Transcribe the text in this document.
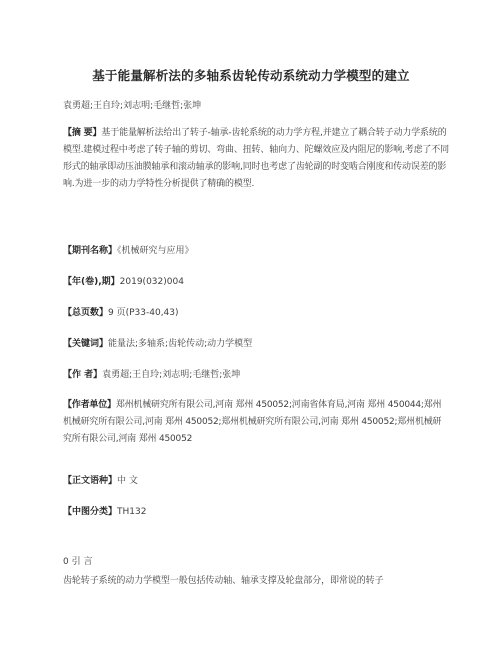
基于能量解析法的多轴系齿轮传动系统动力学模型的建立
袁勇超;王自玲;刘志明;毛继哲;张坤
【摘 要】基于能量解析法给出了转子-轴承-齿轮系统的动力学方程,并建立了耦合转子动力学系统的模型.建模过程中考虑了转子轴的剪切、弯曲、扭转、轴向力、陀螺效应及内阻尼的影响,考虑了不同形式的轴承即动压油膜轴承和滚动轴承的影响,同时也考虑了齿轮副的时变啮合刚度和传动误差的影响.为进一步的动力学特性分析提供了精确的模型.
【期刊名称】《机械研究与应用》
【年(卷),期】2019(032)004
【总页数】9 页(P33-40,43)
【关键词】能量法;多轴系;齿轮传动;动力学模型
【作 者】袁勇超;王自玲;刘志明;毛继哲;张坤
【作者单位】郑州机械研究所有限公司,河南 郑州 450052;河南省体育局,河南 郑州 450044;郑州机械研究所有限公司,河南 郑州 450052;郑州机械研究所有限公司,河南 郑州 450052;郑州机械研究所有限公司,河南 郑州 450052
【正文语种】中 文
【中图分类】TH132
0 引 言
齿轮转子系统的动力学模型一般包括传动轴、轴承支撑及轮盘部分，即常说的转子
